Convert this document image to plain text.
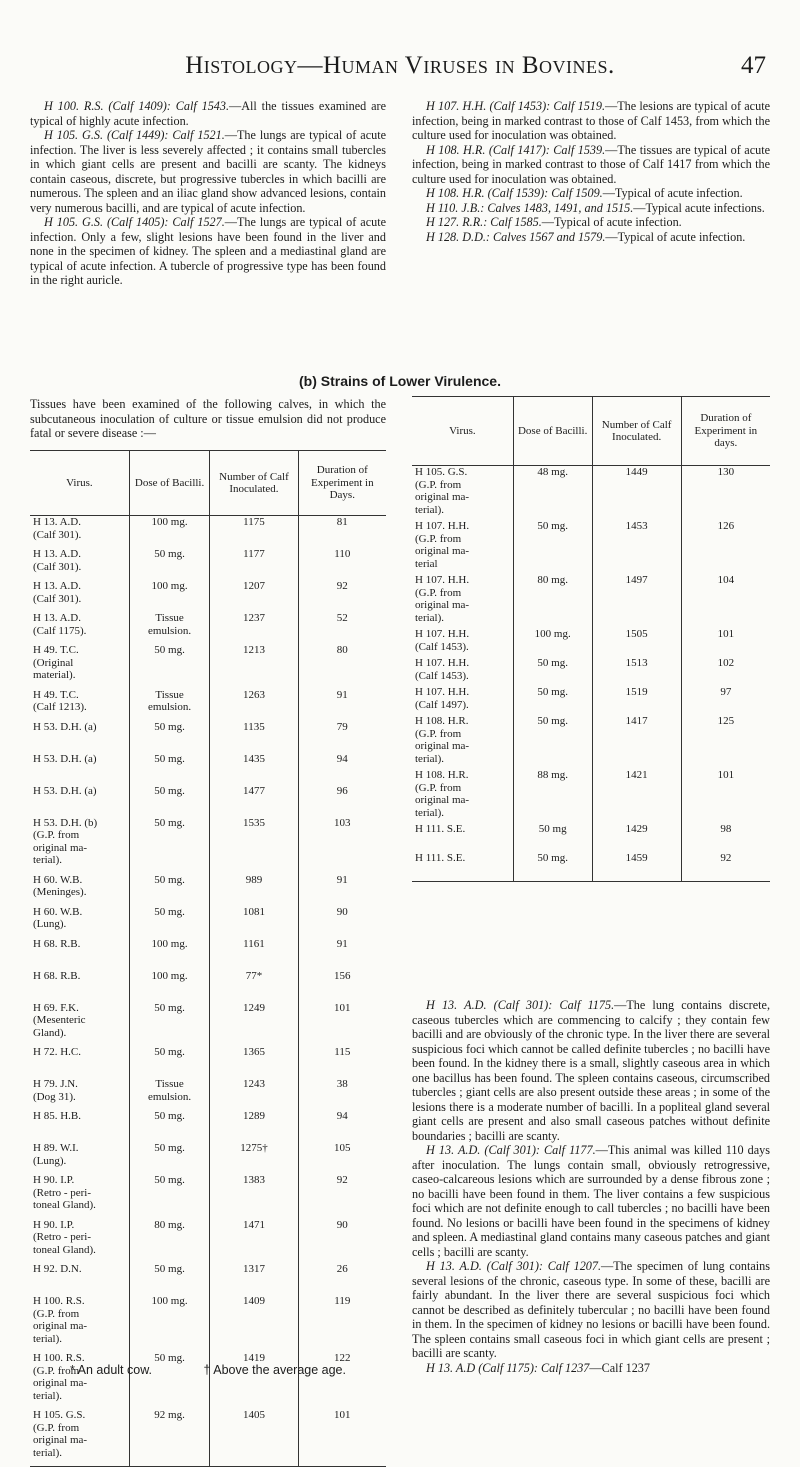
Histology—Human Viruses in Bovines.	47

H 100. R.S. (Calf 1409): Calf 1543.—All the tissues examined are typical of highly acute infection.

H 105. G.S. (Calf 1449): Calf 1521.—The lungs are typical of acute infection. The liver is less severely affected ; it contains small tubercles in which giant cells are present and bacilli are scanty. The kidneys contain caseous, discrete, but progressive tubercles in which bacilli are numerous. The spleen and an iliac gland show advanced lesions, contain very numerous bacilli, and are typical of acute infection.

H 105. G.S. (Calf 1405): Calf 1527.—The lungs are typical of acute infection. Only a few, slight lesions have been found in the liver and none in the specimen of kidney. The spleen and a mediastinal gland are typical of acute infection. A tubercle of progressive type has been found in the right auricle.

H 107. H.H. (Calf 1453): Calf 1519.—The lesions are typical of acute infection, being in marked contrast to those of Calf 1453, from which the culture used for inoculation was obtained.

H 108. H.R. (Calf 1417): Calf 1539.—The tissues are typical of acute infection, being in marked contrast to those of Calf 1417 from which the culture used for inoculation was obtained.

H 108. H.R. (Calf 1539): Calf 1509.—Typical of acute infection.

H 110. J.B.: Calves 1483, 1491, and 1515.—Typical acute infections.

H 127. R.R.: Calf 1585.—Typical of acute infection.

H 128. D.D.: Calves 1567 and 1579.—Typical of acute infection.

(b) Strains of Lower Virulence.

Tissues have been examined of the following calves, in which the subcutaneous inoculation of culture or tissue emulsion did not produce fatal or severe disease :—

Virus.	Dose of Bacilli.	Number of Calf Inoculated.	Duration of Experiment in Days.
H 13. A.D.
(Calf 301).	100 mg.	1175	81
H 13. A.D.
(Calf 301).	50 mg.	1177	110
H 13. A.D.
(Calf 301).	100 mg.	1207	92
H 13. A.D.
(Calf 1175).	Tissue
emulsion.	1237	52
H 49. T.C.
(Original
material).	50 mg.	1213	80
H 49. T.C.
(Calf 1213).	Tissue
emulsion.	1263	91
H 53. D.H. (a)	50 mg.	1135	79
H 53. D.H. (a)	50 mg.	1435	94
H 53. D.H. (a)	50 mg.	1477	96
H 53. D.H. (b)
(G.P. from
original ma-
terial).	50 mg.	1535	103
H 60. W.B.
(Meninges).	50 mg.	989	91
H 60. W.B.
(Lung).	50 mg.	1081	90
H 68. R.B.	100 mg.	1161	91
H 68. R.B.	100 mg.	77*	156
H 69. F.K.
(Mesenteric
Gland).	50 mg.	1249	101
H 72. H.C.	50 mg.	1365	115
H 79. J.N.
(Dog 31).	Tissue
emulsion.	1243	38
H 85. H.B.	50 mg.	1289	94
H 89. W.I.
(Lung).	50 mg.	1275†	105
H 90. I.P.
(Retro - peri-
toneal Gland).	50 mg.	1383	92
H 90. I.P.
(Retro - peri-
toneal Gland).	80 mg.	1471	90
H 92. D.N.	50 mg.	1317	26
H 100. R.S.
(G.P. from
original ma-
terial).	100 mg.	1409	119
H 100. R.S.
(G.P. from
original ma-
terial).	50 mg.	1419	122
H 105. G.S.
(G.P. from
original ma-
terial).	92 mg.	1405	101
Virus.	Dose of Bacilli.	Number of Calf Inoculated.	Duration of Experiment in days.
H 105. G.S.
(G.P. from
original ma-
terial).	48 mg.	1449	130
H 107. H.H.
(G.P. from
original ma-
terial	50 mg.	1453	126
H 107. H.H.
(G.P. from
original ma-
terial).	80 mg.	1497	104
H 107. H.H.
(Calf 1453).	100 mg.	1505	101
H 107. H.H.
(Calf 1453).	50 mg.	1513	102
H 107. H.H.
(Calf 1497).	50 mg.	1519	97
H 108. H.R.
(G.P. from
original ma-
terial).	50 mg.	1417	125
H 108. H.R.
(G.P. from
original ma-
terial).	88 mg.	1421	101
H 111. S.E.	50 mg	1429	98
H 111. S.E.	50 mg.	1459	92

H 13. A.D. (Calf 301): Calf 1175.—The lung contains discrete, caseous tubercles which are commencing to calcify ; they contain few bacilli and are obviously of the chronic type. In the liver there are several suspicious foci which cannot be called definite tubercles ; no bacilli have been found. In the kidney there is a small, slightly caseous area in which one bacillus has been found. The spleen contains caseous, circumscribed tubercles ; giant cells are also present outside these areas ; in some of the lesions there is a moderate number of bacilli. In a popliteal gland several giant cells are present and also small caseous patches without definite boundaries ; bacilli are scanty.

H 13. A.D. (Calf 301): Calf 1177.—This animal was killed 110 days after inoculation. The lungs contain small, obviously retrogressive, caseo-calcareous lesions which are surrounded by a dense fibrous zone ; no bacilli have been found in them. The liver contains a few suspicious foci which are not definite enough to call tubercles ; no bacilli have been found. No lesions or bacilli have been found in the specimens of kidney and spleen. A mediastinal gland contains many caseous patches and giant cells ; bacilli are scanty.

H 13. A.D. (Calf 301): Calf 1207.—The specimen of lung contains several lesions of the chronic, caseous type. In some of these, bacilli are fairly abundant. In the liver there are several suspicious foci which cannot be described as definitely tubercular ; no bacilli have been found in them. In the specimen of kidney no lesions or bacilli have been found. The spleen contains small caseous foci in which giant cells are present ; bacilli are scanty.

H 13. A.D (Calf 1175): Calf 1237—Calf 1237

* An adult cow.	† Above the average age.
